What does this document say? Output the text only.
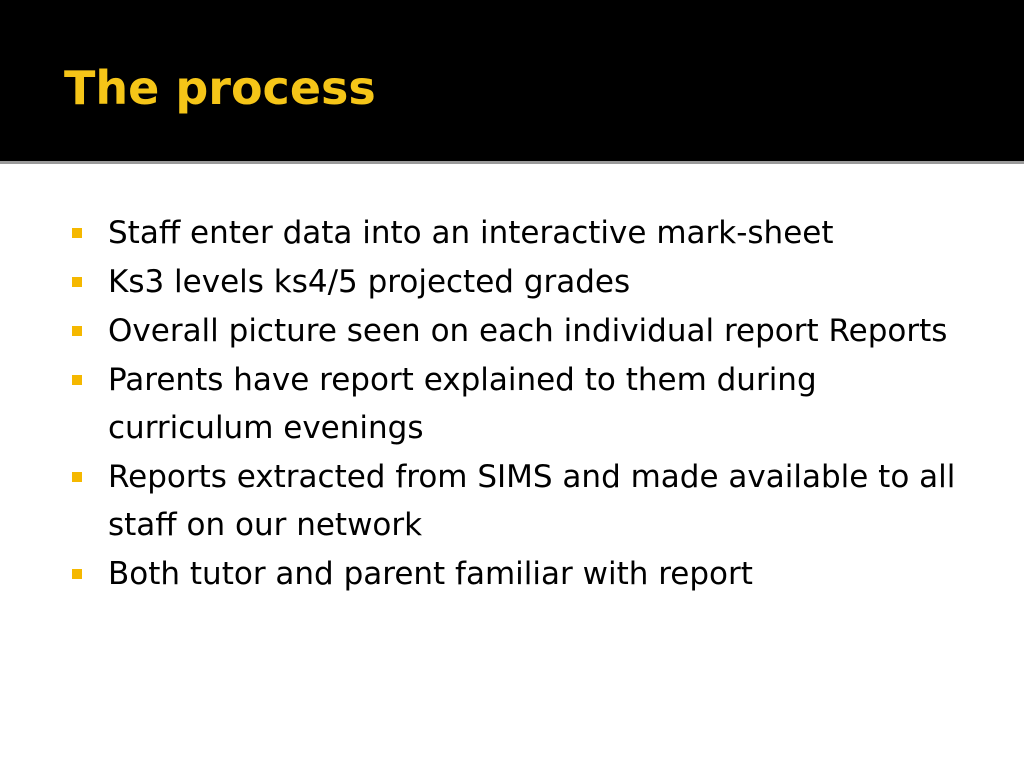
The process
Staff enter data into an interactive mark-sheet
Ks3 levels ks4/5 projected grades
Overall picture seen on each individual report Reports
Parents have report explained to them during curriculum evenings
Reports extracted from SIMS and made available to all staff on our network
Both tutor and parent familiar with report
